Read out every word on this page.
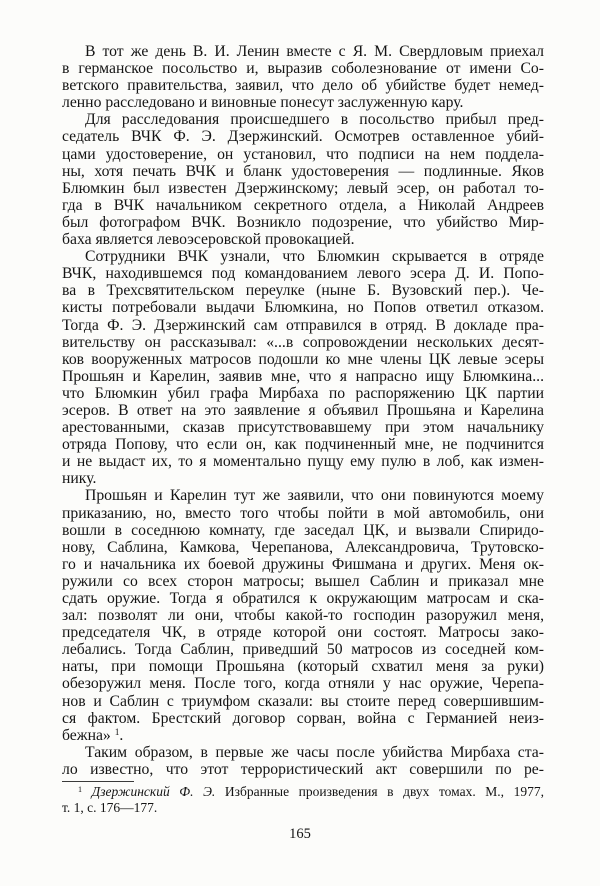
В тот же день В. И. Ленин вместе с Я. М. Свердловым приехал
в германское посольство и, выразив соболезнование от имени Со-
ветского правительства, заявил, что дело об убийстве будет немед-
ленно расследовано и виновные понесут заслуженную кару.
Для расследования происшедшего в посольство прибыл пред-
седатель ВЧК Ф. Э. Дзержинский. Осмотрев оставленное убий-
цами удостоверение, он установил, что подписи на нем поддела-
ны, хотя печать ВЧК и бланк удостоверения — подлинные. Яков
Блюмкин был известен Дзержинскому; левый эсер, он работал то-
гда в ВЧК начальником секретного отдела, а Николай Андреев
был фотографом ВЧК. Возникло подозрение, что убийство Мир-
баха является левоэсеровской провокацией.
Сотрудники ВЧК узнали, что Блюмкин скрывается в отряде
ВЧК, находившемся под командованием левого эсера Д. И. Попо-
ва в Трехсвятительском переулке (ныне Б. Вузовский пер.). Че-
кисты потребовали выдачи Блюмкина, но Попов ответил отказом.
Тогда Ф. Э. Дзержинский сам отправился в отряд. В докладе пра-
вительству он рассказывал: «...в сопровождении нескольких десят-
ков вооруженных матросов подошли ко мне члены ЦК левые эсеры
Прошьян и Карелин, заявив мне, что я напрасно ищу Блюмкина...
что Блюмкин убил графа Мирбаха по распоряжению ЦК партии
эсеров. В ответ на это заявление я объявил Прошьяна и Карелина
арестованными, сказав присутствовавшему при этом начальнику
отряда Попову, что если он, как подчиненный мне, не подчинится
и не выдаст их, то я моментально пущу ему пулю в лоб, как измен-
нику.
Прошьян и Карелин тут же заявили, что они повинуются моему
приказанию, но, вместо того чтобы пойти в мой автомобиль, они
вошли в соседнюю комнату, где заседал ЦК, и вызвали Спиридо-
нову, Саблина, Камкова, Черепанова, Александровича, Трутовско-
го и начальника их боевой дружины Фишмана и других. Меня ок-
ружили со всех сторон матросы; вышел Саблин и приказал мне
сдать оружие. Тогда я обратился к окружающим матросам и ска-
зал: позволят ли они, чтобы какой-то господин разоружил меня,
председателя ЧК, в отряде которой они состоят. Матросы зако-
лебались. Тогда Саблин, приведший 50 матросов из соседней ком-
наты, при помощи Прошьяна (который схватил меня за руки)
обезоружил меня. После того, когда отняли у нас оружие, Черепа-
нов и Саблин с триумфом сказали: вы стоите перед совершившим-
ся фактом. Брестский договор сорван, война с Германией неиз-
бежна» $^1$.
Таким образом, в первые же часы после убийства Мирбаха ста-
ло известно, что этот террористический акт совершили по ре-
$^1$ Дзержинский Ф. Э. Избранные произведения в двух томах. М., 1977,
т. 1, с. 176—177.
165
